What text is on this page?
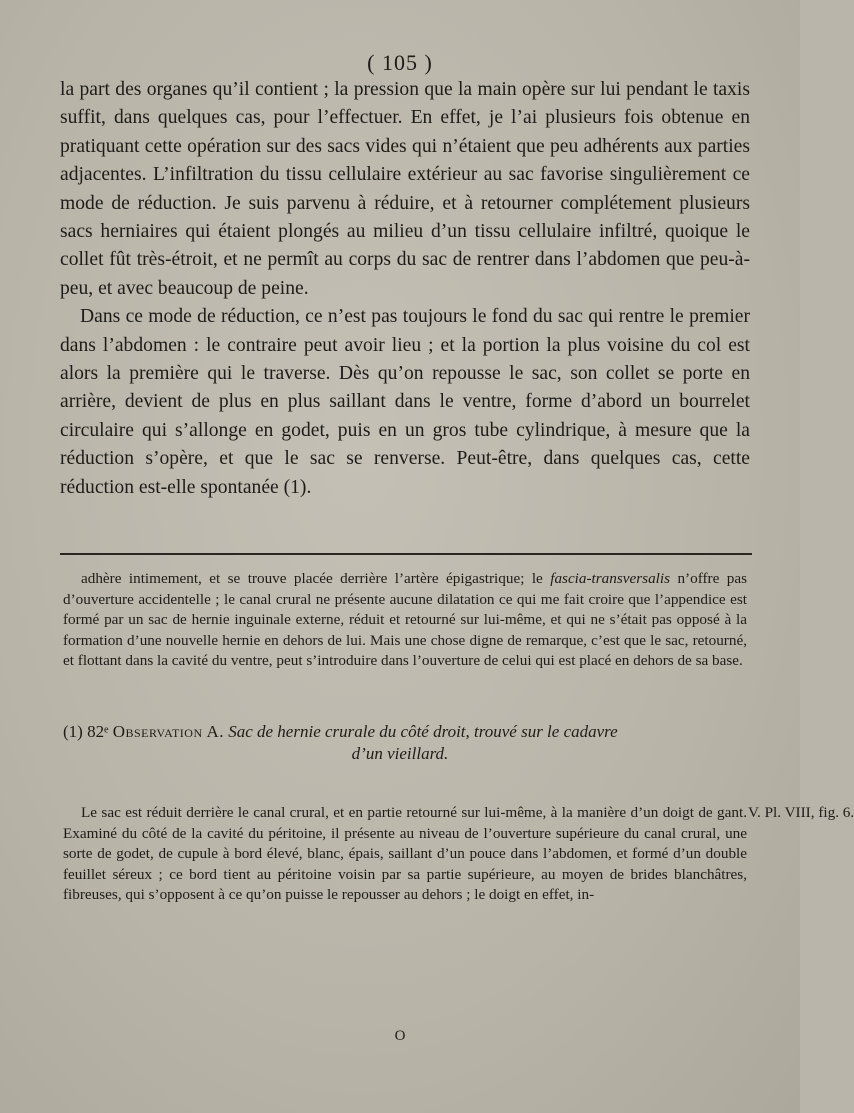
( 105 )

la part des organes qu’il contient ; la pression que la main opère sur lui pendant le taxis suffit, dans quelques cas, pour l’effectuer. En effet, je l’ai plusieurs fois obtenue en pratiquant cette opération sur des sacs vides qui n’étaient que peu adhérents aux parties adjacentes. L’infiltration du tissu cellulaire extérieur au sac favorise singulièrement ce mode de réduction. Je suis parvenu à réduire, et à retourner complétement plusieurs sacs herniaires qui étaient plongés au milieu d’un tissu cellulaire infiltré, quoique le collet fût très-étroit, et ne permît au corps du sac de rentrer dans l’abdomen que peu-à-peu, et avec beaucoup de peine.

Dans ce mode de réduction, ce n’est pas toujours le fond du sac qui rentre le premier dans l’abdomen : le contraire peut avoir lieu ; et la portion la plus voisine du col est alors la première qui le traverse. Dès qu’on repousse le sac, son collet se porte en arrière, devient de plus en plus saillant dans le ventre, forme d’abord un bourrelet circulaire qui s’allonge en godet, puis en un gros tube cylindrique, à mesure que la réduction s’opère, et que le sac se renverse. Peut-être, dans quelques cas, cette réduction est-elle spontanée (1).

adhère intimement, et se trouve placée derrière l’artère épigastrique; le fascia-transversalis n’offre pas d’ouverture accidentelle ; le canal crural ne présente aucune dilatation ce qui me fait croire que l’appendice est formé par un sac de hernie inguinale externe, réduit et retourné sur lui-même, et qui ne s’était pas opposé à la formation d’une nouvelle hernie en dehors de lui. Mais une chose digne de remarque, c’est que le sac, retourné, et flottant dans la cavité du ventre, peut s’introduire dans l’ouverture de celui qui est placé en dehors de sa base.

(1) 82ᵉ Observation A. Sac de hernie crurale du côté droit, trouvé sur le cadavre
d’un vieillard.

Le sac est réduit derrière le canal crural, et en partie retourné sur lui-même, à la manière d’un doigt de gant. Examiné du côté de la cavité du péritoine, il présente au niveau de l’ouverture supérieure du canal crural, une sorte de godet, de cupule à bord élevé, blanc, épais, saillant d’un pouce dans l’abdomen, et formé d’un double feuillet séreux ; ce bord tient au péritoine voisin par sa partie supérieure, au moyen de brides blanchâtres, fibreuses, qui s’opposent à ce qu’on puisse le repousser au dehors ; le doigt en effet, in-

V. Pl. VIII, fig. 6.
O
